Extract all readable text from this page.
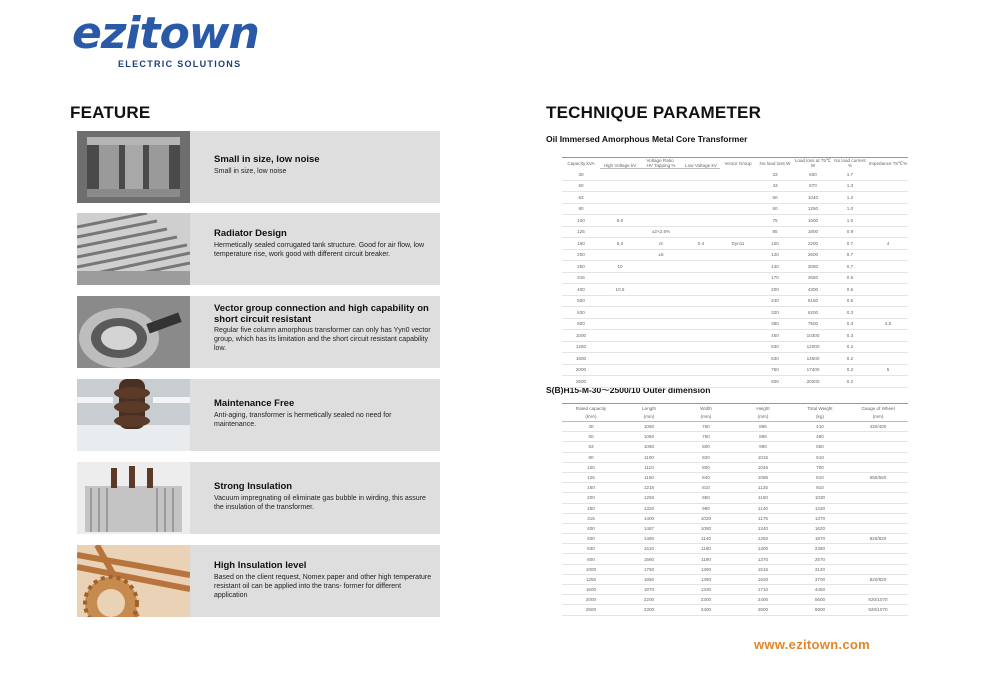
ezitown
ELECTRIC SOLUTIONS
FEATURE	TECHNIQUE PARAMETER
Oil Immersed Amorphous Metal Core Transformer
S(B)H15-M-30～2500/10 Outer dimension
Small in size, low noise
Small in size, low noise
Radiator Design
Hermetically sealed corrugated tank structure. Good for air flow, low temperature rise, work good with different circuit breaker.
Vector group connection and high capability on short circuit resistant
Regular five column amorphous transformer can only has Yyn0 vector group, which has its limitation and the short circuit resistant capability low.
Maintenance Free
Anti-aging, transformer is hermetically sealed no need for maintenance.
Strong Insulation
Vacuum impregnating oil eliminate gas bubble in wirding, this assure the insulation of the transformer.
High Insulation level
Based on the client request, Nomex paper and other high temperature resistant oil can be applied into the trans- former for different application
Capacity kVA	Voltage Ratio			Vector Group	No load loss W	Load loss at 75℃ W	No load current %	Impedance 75℃%
	High Voltage kV	HV Tapping %	Low Voltage kV					
30					33	600	1.7	
50					43	870	1.3	
63					50	1040	1.2	
80					60	1250	1.0	
100	6.0				75	1500	1.0	
125		±2×2.5%			85	1800	0.9	
160	6.3	or	0.4	Dyn11	100	2200	0.7	4
200		±5			120	2600	0.7	
250	10				140	3050	0.7	
315					170	3650	0.5	
400	10.5				200	4300	0.5	
500					240	5150	0.5	
630					320	6200	0.3	
800					380	7500	0.3	4.5
1000					450	10300	0.3	
1250					530	12000	0.2	
1600					630	14500	0.2	
2000					750	17400	0.2	5
2500					900	20200	0.2	
Rated capacity	Length	Width	Height	Total Weight	Gauge of Wheel
(kVA)	(mm)	(mm)	(mm)	(kg)	(mm)
30	1050	760	865	410	420/400
50	1050	760	865	480	
63	1060	800	990	550	
80	1100	820	1015	610	
100	1110	800	1045	700	
125	1150	840	1085	810	550/550
160	1215	810	1125	910	
200	1250	950	1150	1030	
250	1320	980	1140	1220	
315	1400	1020	1175	1370	
400	1487	1080	1240	1620	
500	1480	1140	1250	1870	820/820
630	1610	1180	1300	2360	
800	1660	1190	1370	2570	
1000	1750	1390	1515	3120	
1250	1850	1390	1620	3700	820/820
1600	1870	1330	1710	4450	
2000	2200	2300	2400	5600	820/1070
2500	2300	2400	2500	6900	820/1070
www.ezitown.com
